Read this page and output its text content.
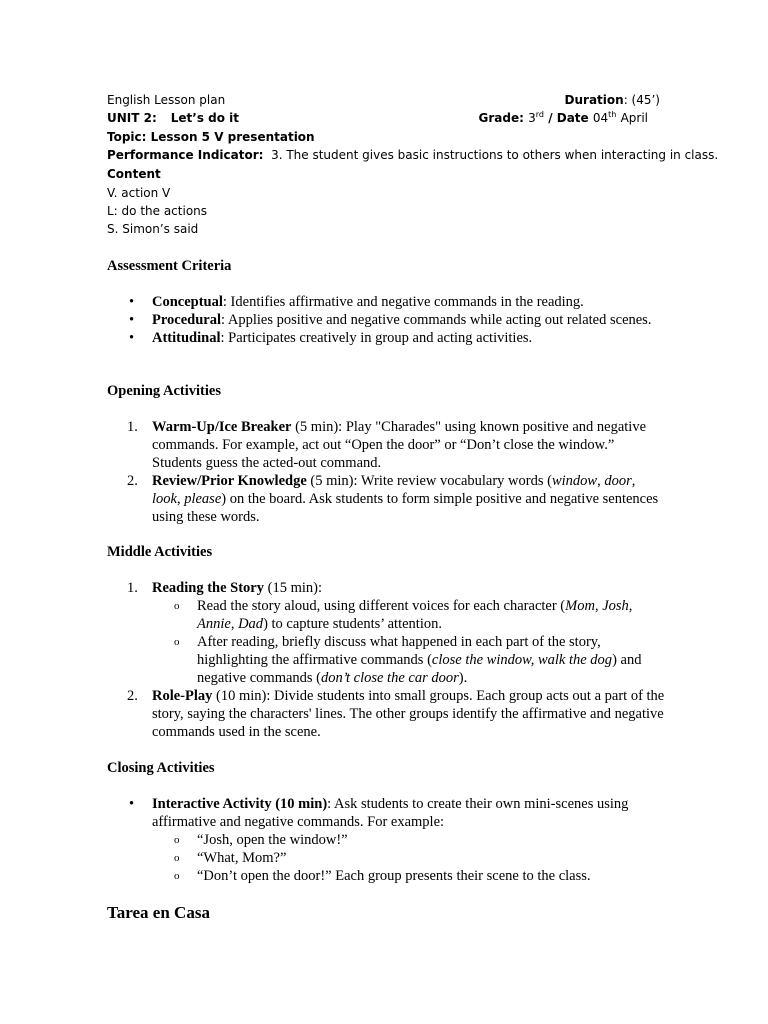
English Lesson plan	Duration: (45’)
UNIT 2: Let’s do it	Grade: 3rd / Date 04th April
Topic: Lesson 5 V presentation
Performance Indicator: 3. The student gives basic instructions to others when interacting in class.
Content
V. action V
L: do the actions
S. Simon’s said
Assessment Criteria
•	Conceptual: Identifies affirmative and negative commands in the reading.
•	Procedural: Applies positive and negative commands while acting out related scenes.
•	Attitudinal: Participates creatively in group and acting activities.
Opening Activities
1. Warm-Up/Ice Breaker (5 min): Play "Charades" using known positive and negative commands. For example, act out “Open the door” or “Don’t close the window.” Students guess the acted-out command.
2. Review/Prior Knowledge (5 min): Write review vocabulary words (window, door, look, please) on the board. Ask students to form simple positive and negative sentences using these words.
Middle Activities
1. Reading the Story (15 min):
o Read the story aloud, using different voices for each character (Mom, Josh, Annie, Dad) to capture students’ attention.
o After reading, briefly discuss what happened in each part of the story, highlighting the affirmative commands (close the window, walk the dog) and negative commands (don’t close the car door).
2. Role-Play (10 min): Divide students into small groups. Each group acts out a part of the story, saying the characters' lines. The other groups identify the affirmative and negative commands used in the scene.
Closing Activities
•	Interactive Activity (10 min): Ask students to create their own mini-scenes using affirmative and negative commands. For example:
o “Josh, open the window!”
o “What, Mom?”
o “Don’t open the door!” Each group presents their scene to the class.
Tarea en Casa
